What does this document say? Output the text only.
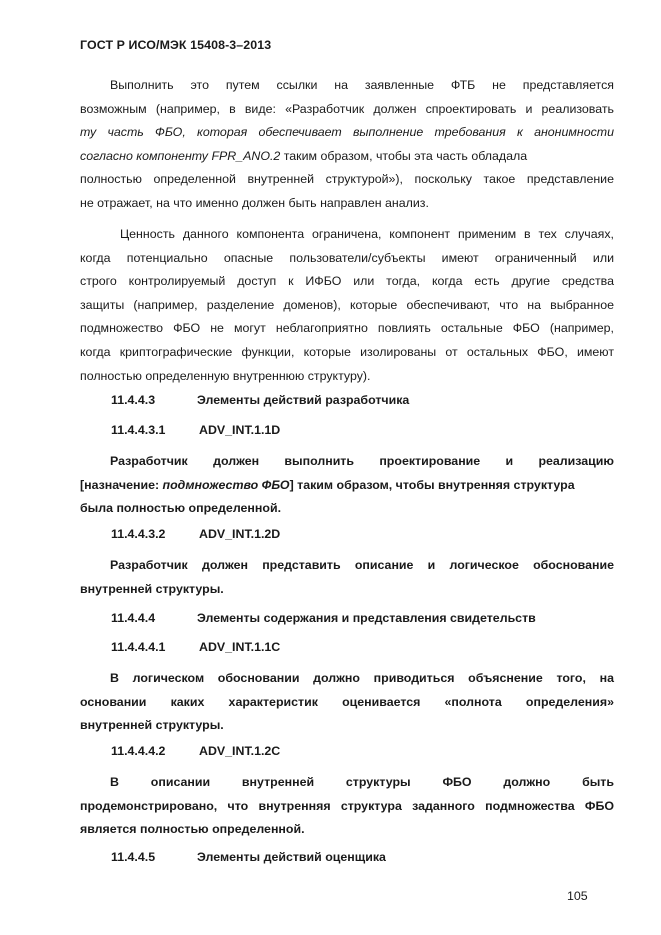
ГОСТ Р ИСО/МЭК 15408-3–2013
Выполнить это путем ссылки на заявленные ФТБ не представляется
возможным (например, в виде: «Разработчик должен спроектировать и реализовать
ту часть ФБО, которая обеспечивает выполнение требования к анонимности
согласно компоненту FPR_ANO.2 таким образом, чтобы эта часть обладала
полностью определенной внутренней структурой»), поскольку такое представление
не отражает, на что именно должен быть направлен анализ.
Ценность данного компонента ограничена, компонент применим в тех случаях,
когда потенциально опасные пользователи/субъекты имеют ограниченный или
строго контролируемый доступ к ИФБО или тогда, когда есть другие средства
защиты (например, разделение доменов), которые обеспечивают, что на выбранное
подмножество ФБО не могут неблагоприятно повлиять остальные ФБО (например,
когда криптографические функции, которые изолированы от остальных ФБО, имеют
полностью определенную внутреннюю структуру).
11.4.4.3	Элементы действий разработчика
11.4.4.3.1	ADV_INT.1.1D
Разработчик должен выполнить проектирование и реализацию
[назначение: подмножество ФБО] таким образом, чтобы внутренняя структура
была полностью определенной.
11.4.4.3.2	ADV_INT.1.2D
Разработчик должен представить описание и логическое обоснование
внутренней структуры.
11.4.4.4	Элементы содержания и представления свидетельств
11.4.4.4.1	ADV_INT.1.1C
В логическом обосновании должно приводиться объяснение того, на
основании каких характеристик оценивается «полнота определения»
внутренней структуры.
11.4.4.4.2	ADV_INT.1.2C
В описании внутренней структуры ФБО должно быть
продемонстрировано, что внутренняя структура заданного подмножества ФБО
является полностью определенной.
11.4.4.5	Элементы действий оценщика
105
